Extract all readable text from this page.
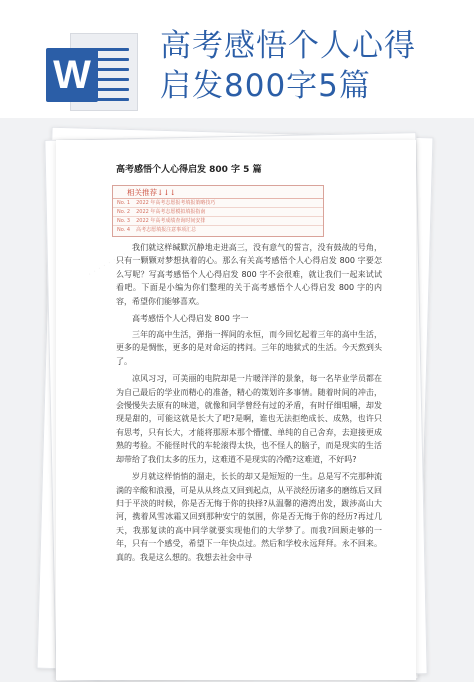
W
高考感悟个人心得
启发800字5篇
· · · · · · · ·
高考感悟个人心得启发 800 字 5 篇
相关推荐↓↓↓
No. 1 2022 年高考志愿报考填报策略技巧
No. 2 2022 年高考志愿模拟填报指南
No. 3 2022 年高考成绩查询时间安排
No. 4 高考志愿填报注意事项汇总

我们就这样缄默沉静地走进高三，没有意气的誓言，没有鼓战的号角，只有一颗颗对梦想执着的心。那么有关高考感悟个人心得启发 800 字要怎么写呢？写高考感悟个人心得启发 800 字不会很难，就让我们一起来试试看吧。下面是小编为你们整理的关于高考感悟个人心得启发 800 字的内容，希望你们能够喜欢。

高考感悟个人心得启发 800 字一

三年的高中生活，弹指一挥间的永恒，而今回忆起着三年的高中生活，更多的是惆怅，更多的是对命运的拷问。三年的地狱式的生活。今天熬到头了。

凉风习习，可美丽的电院却是一片暖洋洋的景象，每一名毕业学员都在为自己最后的学业而精心的准备，精心的策划许多事情。随着时间的冲击，会慢慢失去原有的味道，就像和同学曾经有过的矛盾，有时仔细咀嚼，却发现是甜的，可能这就是长大了吧?是啊，谁也无法拒绝成长、成熟，也许只有思考，只有长大，才能将那原本那个懵懂、单纯的自己舍弃，去迎接更成熟的考验。不能怪时代的车轮滚得太快，也不怪人的脑子，而是现实的生活却带给了我们太多的压力，这难道不是现实的冷酷?这难道，不好吗?

岁月就这样悄悄的溜走，长长的却又是短短的一生。总是写不完那种流淌的辛酸和浪漫，可是从从终点又回到起点，从平淡经历诸多的磨练后又回归于平淡的时候，你是否无悔于你的抉择?从温馨的港湾出发，跋涉高山大河，携着风雪冰霜又回到那种安宁的氛围，你是否无悔于你的经历?再过几天，我那复读的高中同学就要实现他们的大学梦了。而我?回顾走够的一年，只有一个感受，希望下一年快点过。然后和学校永远拜拜。永不回来。 真的。我是这么想的。我想去社会中寻
